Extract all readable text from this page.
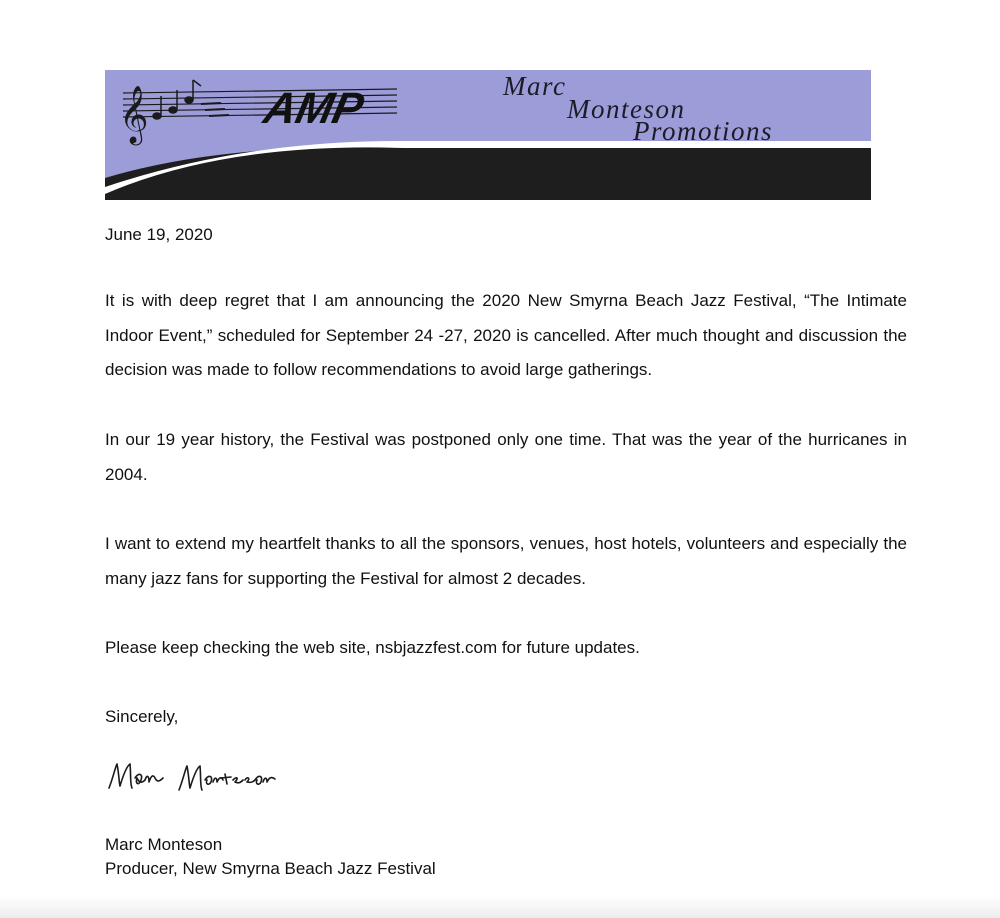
𝄞	AMP	Marc

Monteson

Promotions

June 19, 2020

It is with deep regret that I am announcing the 2020 New Smyrna Beach Jazz Festival, “The Intimate Indoor Event,” scheduled for September 24 -27, 2020 is cancelled. After much thought and discussion the decision was made to follow recommendations to avoid large gatherings.

In our 19 year history, the Festival was postponed only one time. That was the year of the hurricanes in 2004.

I want to extend my heartfelt thanks to all the sponsors, venues, host hotels, volunteers and especially the many jazz fans for supporting the Festival for almost 2 decades.

Please keep checking the web site, nsbjazzfest.com for future updates.

Sincerely,

Marc Monteson
Producer, New Smyrna Beach Jazz Festival
